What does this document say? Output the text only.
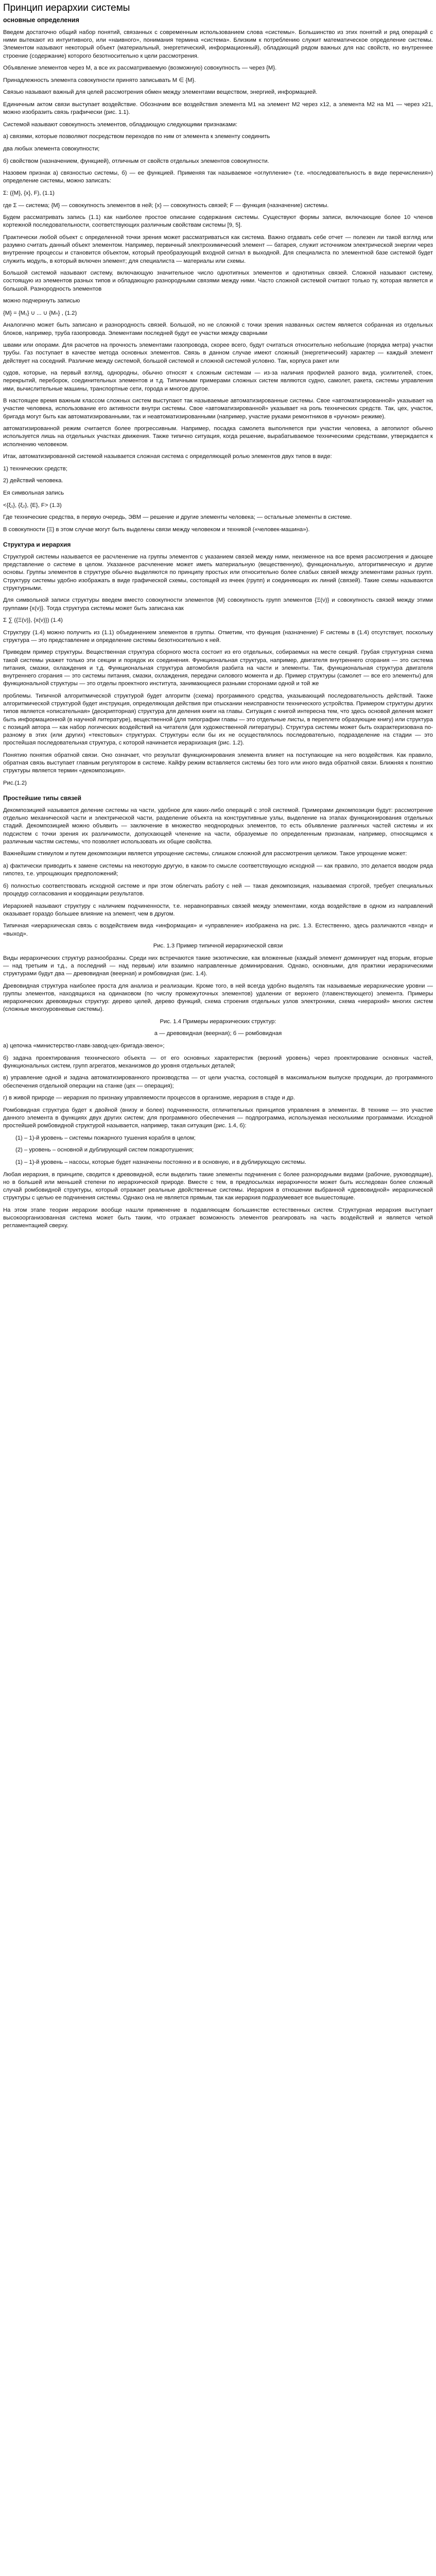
Принцип иерархии системы
основные определения

Введем достаточно общий набор понятий, связанных с современным использованием слова «системы». Большинство из этих понятий и ряд операций с ними вытекают из интуитивного, или «наивного», понимания термина «система». Близким к потреблению служит математическое определение системы. Элементом называют некоторый объект (материальный, энергетический, информационный), обладающий рядом важных для нас свойств, но внутреннее строение (содержание) которого безотносительно к цели рассмотрения.

Объявление элементов через M, а все их рассматриваемую (возможную) совокупность — через {M}.

Принадлежность элемента совокупности принято записывать M ∈ {M}.

Связью называют важный для целей рассмотрения обмен между элементами веществом, энергией, информацией.

Единичным актом связи выступает воздействие. Обозначим все воздействия элемента M1 на элемент M2 через x12, а элемента M2 на M1 — через x21, можно изобразить связь графически (рис. 1.1).

Системой называют совокупность элементов, обладающую следующими признаками:

а) связями, которые позволяют посредством переходов по ним от элемента к элементу соединить

два любых элемента совокупности;

б) свойством (назначением, функцией), отличным от свойств отдельных элементов совокупности.

Назовем признак а) связностью системы, б) — ее функцией. Применяя так называемое «оглупление» (т.е. «последовательность в виде перечисления») определение системы, можно записать:

Σ: ({M}, {x}, F), (1.1)

где Σ — система; {M} — совокупность элементов в ней; {x} — совокупность связей; F — функция (назначение) системы.

Будем рассматривать запись (1.1) как наиболее простое описание содержания системы. Существуют формы записи, включающие более 10 членов кортежной последовательности, соответствующих различным свойствам системы [9, 5].

Практически любой объект с определенной точки зрения может рассматриваться как система. Важно отдавать себе отчет — полезен ли такой взгляд или разумно считать данный объект элементом. Например, первичный электрохимический элемент — батарея, служит источником электрической энергии через внутренние процессы и становится объектом, который преобразующий входной сигнал в выходной. Для специалиста по элементной базе системой будет служить модуль, в который включен элемент; для специалиста — материалы или схемы.

Большой системой называют систему, включающую значительное число однотипных элементов и однотипных связей. Сложной называют систему, состоящую из элементов разных типов и обладающую разнородными связями между ними. Часто сложной системой считают только ту, которая является и большой. Разнородность элементов

можно подчеркнуть записью

{M} = {M₁} ∪ ... ∪ {Mₙ} , (1.2)

Аналогично может быть записано и разнородность связей. Большой, но не сложной с точки зрения названных систем является собранная из отдельных блоков, например, труба газопровода. Элементами последней будут ее участки между сварными

швами или опорами. Для расчетов на прочность элементами газопровода, скорее всего, будут считаться относительно небольшие (порядка метра) участки трубы. Газ поступает в качестве метода основных элементов. Связь в данном случае имеют сложный (энергетический) характер — каждый элемент действует на соседний. Различие между системой, большой системой и сложной системой условно. Так, корпуса ракет или

судов, которые, на первый взгляд, однородны, обычно относят к сложным системам — из-за наличия профилей разного вида, усилителей, стоек, перекрытий, переборок, соединительных элементов и т.д. Типичными примерами сложных систем являются судно, самолет, ракета, системы управления ими, вычислительные машины, транспортные сети, города и многое другое.

В настоящее время важным классом сложных систем выступают так называемые автоматизированные системы. Свое «автоматизированной» указывает на участие человека, использование его активности внутри системы. Свое «автоматизированной» указывает на роль технических средств. Так, цех, участок, бригада могут быть как автоматизированными, так и неавтоматизированными (например, участие руками ремонтников в «ручном» режиме).

автоматизированной режим считается более прогрессивным. Например, посадка самолета выполняется при участии человека, а автопилот обычно используется лишь на отдельных участках движения. Также типично ситуация, когда решение, вырабатываемое техническими средствами, утверждается к исполнению человеком.

Итак, автоматизированной системой называется сложная система с определяющей ролью элементов двух типов в виде:

1) технических средств;

2) действий человека.

Ея символьная запись

<{ξ₁}, {ξ₂}, {E}, F> (1.3)

Где технические средства, в первую очередь, ЭВМ — решение и другие элементы человека; — остальные элементы в системе.

В совокупности {Ξ} в этом случае могут быть выделены связи между человеком и техникой («человек-машина»).

Структура и иерархия

Структурой системы называется ее расчленение на группы элементов с указанием связей между ними, неизменное на все время рассмотрения и дающее представление о системе в целом. Указанное расчленение может иметь материальную (вещественную), функциональную, алгоритмическую и другие основы. Группы элементов в структуре обычно выделяются по принципу простых или относительно более слабых связей между элементами разных групп. Структуру системы удобно изображать в виде графической схемы, состоящей из ячеек (групп) и соединяющих их линий (связей). Такие схемы называются структурными.

Для символьной записи структуры введем вместо совокупности элементов {M} совокупность групп элементов {Ξ(ν)} и совокупность связей между этими группами {x(ν)}. Тогда структура системы может быть записана как

Σ ∑ ({Ξ(ν)}, {x(ν)}) (1.4)

Структуру (1.4) можно получить из (1.1) объединением элементов в группы. Отметим, что функция (назначение) F системы в (1.4) отсутствует, поскольку структура — это представление и определение системы безотносительно к ней.

Приведем пример структуры. Вещественная структура сборного моста состоит из его отдельных, собираемых на месте секций. Грубая структурная схема такой системы укажет только эти секции и порядок их соединения. Функциональная структура, например, двигателя внутреннего сгорания — это система питания, смазки, охлаждения и т.д. Функциональная структура автомобиля разбита на части и элементы. Так, функциональная структура двигателя внутреннего сгорания — это системы питания, смазки, охлаждения, передачи силового момента и др. Пример структуры (самолет — все его элементы) для функциональной структуры — это отделы проектного института, занимающиеся разными сторонами одной и той же

проблемы. Типичной алгоритмической структурой будет алгоритм (схема) программного средства, указывающий последовательность действий. Также алгоритмической структурой будет инструкция, определяющая действия при отыскании неисправности технического устройства. Примером структуры других типов является «описательная» (дескрипторная) структура для деления книги на главы. Ситуация с книгой интересна тем, что здесь основой деления может быть информационной (в научной литературе), вещественной (для типографии главы — это отдельные листы, в переплете образующие книгу) или структура с позиций автора — как набор логических воздействий на читателя (для художественной литературы). Структура системы может быть охарактеризована по-разному в этих (или других) «текстовых» структурах. Структуры если бы их не осуществлялось последовательно, подразделение на стадии — это простейшая последовательная структура, с которой начинается иерархизация (рис. 1.2).

Понятию понятия обратной связи. Оно означает, что результат функционирования элемента влияет на поступающие на него воздействия. Как правило, обратная связь выступает главным регулятором в системе. Кайфу режим вставляется системы без того или иного вида обратной связи. Ближняя к понятию структуры является термин «декомпозиция».

Рис.(1.2)

Простейшие типы связей

Декомпозицией называется деление системы на части, удобное для каких-либо операций с этой системой. Примерами декомпозиции будут: рассмотрение отдельно механической части и электрической части, разделение объекта на конструктивные узлы, выделение на этапах функционирования отдельных стадий. Декомпозицией можно объявить — заключение в множество неоднородных элементов, то есть объявление различных частей системы и их подсистем с точки зрения их различимости, допускающей членение на части, образуемые по определенным признакам, например, относящимся к различным частям системы, что позволяет использовать их общие свойства.

Важнейшим стимулом и путем декомпозиции является упрощение системы, слишком сложной для рассмотрения целиком. Такое упрощение может:

а) фактически приводить к замене системы на некоторую другую, в каком-то смысле соответствующую исходной — как правило, это делается вводом ряда гипотез, т.е. упрощающих предположений;

б) полностью соответствовать исходной системе и при этом облегчать работу с ней — такая декомпозиция, называемая строгой, требует специальных процедур согласования и координации результатов.

Иерархией называют структуру с наличием подчиненности, т.е. неравноправных связей между элементами, когда воздействие в одном из направлений оказывает гораздо большее влияние на элемент, чем в другом.

Типичная «иерархическая связь с воздействием вида «информация» и «управление» изображена на рис. 1.3. Естественно, здесь различаются «вход» и «выход».

Рис. 1.3 Пример типичной иерархической связи

Виды иерархических структур разнообразны. Среди них встречаются такие экзотические, как вложенные (каждый элемент доминирует над вторым, вторые — над третьим и т.д., а последний — над первым) или взаимно направленные доминирования. Однако, основными, для практики иерархическими структурами будут два — древовидная (веерная) и ромбовидная (рис. 1.4).

Древовидная структура наиболее проста для анализа и реализации. Кроме того, в ней всегда удобно выделять так называемые иерархические уровни — группы элементов, находящихся на одинаковом (по числу промежуточных элементов) удалении от верхнего (главенствующего) элемента. Примеры иерархических древовидных структур: дерево целей, дерево функций, схема строения отдельных узлов электроники, схема «иерархий» многих систем (сложные многоуровневые системы).

Рис. 1.4 Примеры иерархических структур:

а — древовидная (веерная); б — ромбовидная

а) цепочка «министерство-главк-завод-цех-бригада-звено»;

б) задача проектирования технического объекта — от его основных характеристик (верхний уровень) через проектирование основных частей, функциональных систем, групп агрегатов, механизмов до уровня отдельных деталей;

в) управление одной и задача автоматизированного производства — от цели участка, состоящей в максимальном выпуске продукции, до программного обеспечения отдельной операции на станке (цех — операция);

г) в живой природе — иерархия по признаку управляемости процессов в организме, иерархия в стаде и др.

Ромбовидная структура будет к двойной (внизу и более) подчиненности, отличительных принципов управления в элементах. В технике — это участие данного элемента в функциях двух других систем; для программного обеспечения — подпрограмма, используемая несколькими программами. Исходной простейшей ромбовидной структурой называется, например, такая ситуация (рис. 1.4, б):

(1) – 1)-й уровень – системы пожарного тушения корабля в целом;

(2) – уровень – основной и дублирующий систем пожаротушения;

(1) – 1)-й уровень – насосы, которые будет назначены постоянно и в основную, и в дублирующую системы.

Любая иерархия, в принципе, сводится к древовидной, если выделить такие элементы подчинения с более разнородными видами (рабочие, руководящие), но в большей или меньшей степени по иерархической природе. Вместе с тем, в предпосылках иерархичности может быть исследован более сложный случай ромбовидной структуры, который отражает реальные двойственные системы. Иерархия в отношении выбранной «древовидной» иерархической структуры с целью ее подчинения системы. Однако она не является прямым, так как иерархия подразумевает все вышестоящие.

На этом этапе теории иерархии вообще нашли применение в подавляющем большинстве естественных систем. Структурная иерархия выступает высокоорганизованная система может быть таким, что отражает возможность элементов реагировать на часть воздействий и является четкой регламентацией сверху.
